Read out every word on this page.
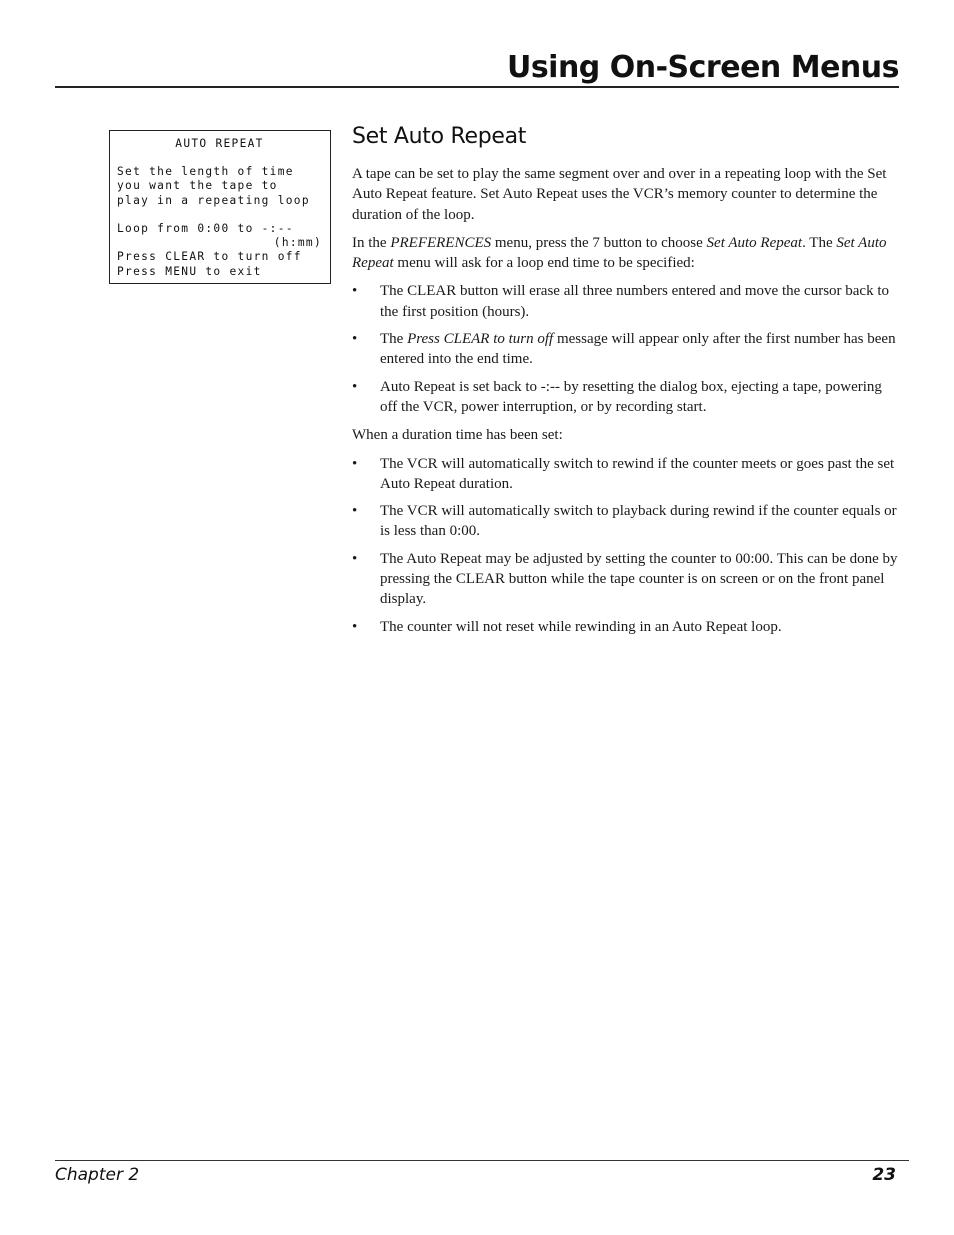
Using On-Screen Menus
AUTO REPEAT
Set the length of time
you want the tape to
play in a repeating loop
Loop from 0:00 to -:--
(h:mm)
Press CLEAR to turn off
Press MENU to exit
Set Auto Repeat

A tape can be set to play the same segment over and over in a repeating loop with the Set Auto Repeat feature. Set Auto Repeat uses the VCR’s memory counter to determine the duration of the loop.

In the PREFERENCES menu, press the 7 button to choose Set Auto Repeat. The Set Auto Repeat menu will ask for a loop end time to be specified:

• The CLEAR button will erase all three numbers entered and move the cursor back to the first position (hours).
• The Press CLEAR to turn off message will appear only after the first number has been entered into the end time.
• Auto Repeat is set back to -:-- by resetting the dialog box, ejecting a tape, powering off the VCR, power interruption, or by recording start.

When a duration time has been set:

• The VCR will automatically switch to rewind if the counter meets or goes past the set Auto Repeat duration.
• The VCR will automatically switch to playback during rewind if the counter equals or is less than 0:00.
• The Auto Repeat may be adjusted by setting the counter to 00:00. This can be done by pressing the CLEAR button while the tape counter is on screen or on the front panel display.
• The counter will not reset while rewinding in an Auto Repeat loop.
Chapter 2	23
